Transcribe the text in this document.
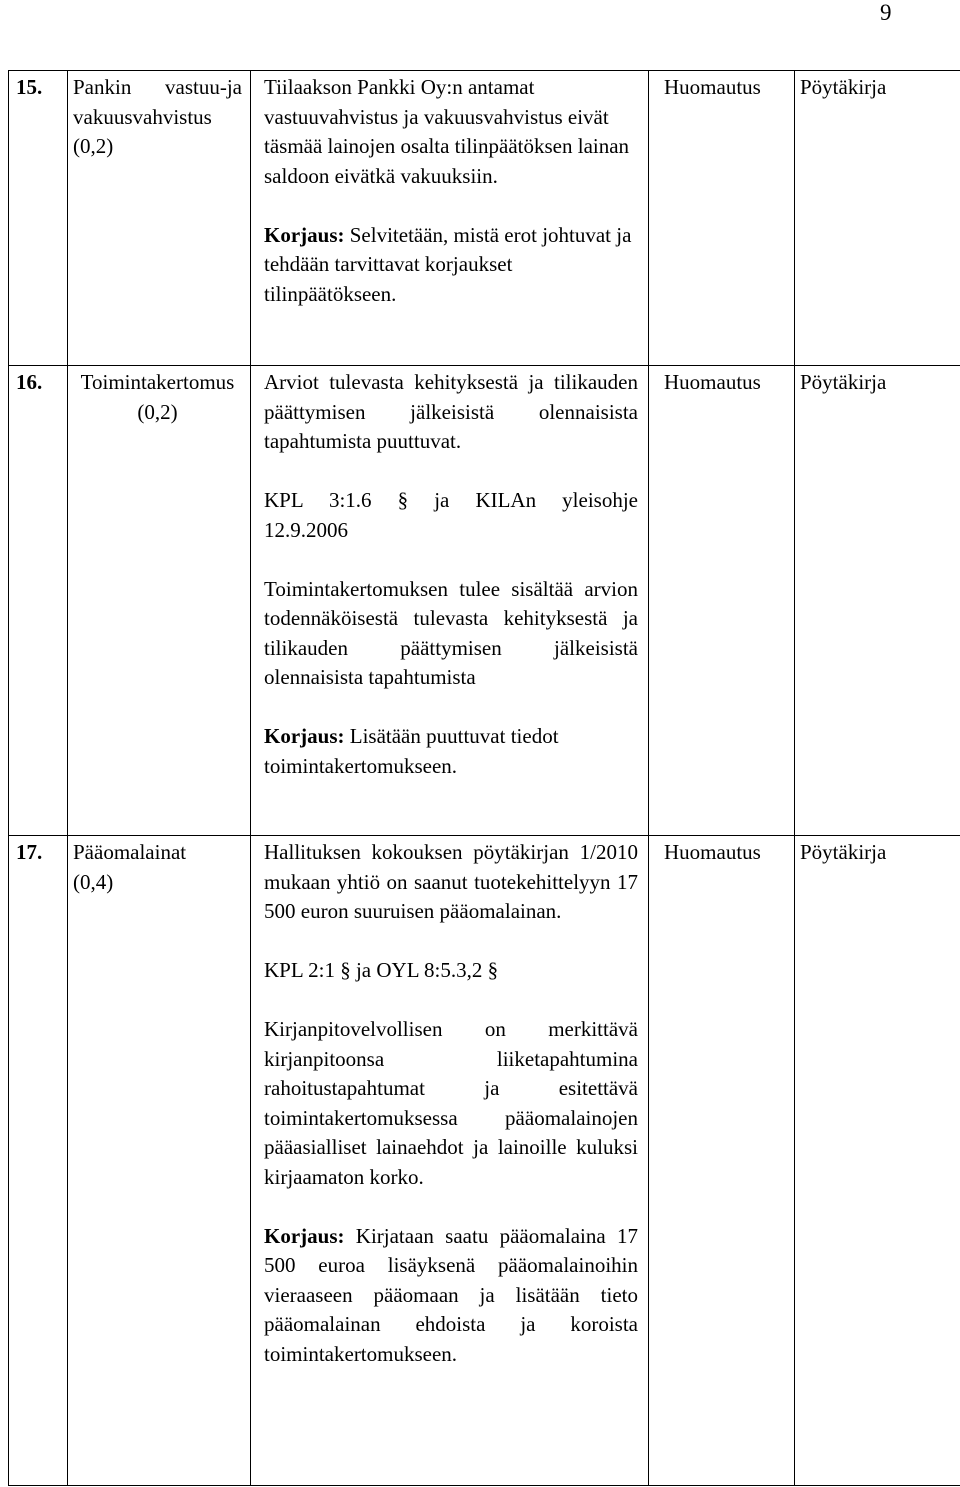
9
15.	Pankin vastuu-ja vakuusvahvistus (0,2)	Tiilaakson Pankki Oy:n antamat vastuuvahvistus ja vakuusvahvistus eivät täsmää lainojen osalta tilinpäätöksen lainan saldoon eivätkä vakuuksiin.

Korjaus: Selvitetään, mistä erot johtuvat ja tehdään tarvittavat korjaukset tilinpäätökseen.	Huomautus	Pöytäkirja
16.	Toimintakertomus (0,2)	Arviot tulevasta kehityksestä ja tilikauden päättymisen jälkeisistä olennaisista tapahtumista puuttuvat.

KPL 3:1.6 § ja KILAn yleisohje

12.9.2006

Toimintakertomuksen tulee sisältää arvion todennäköisestä tulevasta kehityksestä ja tilikauden päättymisen jälkeisistä olennaisista tapahtumista

Korjaus: Lisätään puuttuvat tiedot toimintakertomukseen.	Huomautus	Pöytäkirja
17.	Pääomalainat (0,4)	Hallituksen kokouksen pöytäkirjan 1/2010 mukaan yhtiö on saanut tuotekehittelyyn 17 500 euron suuruisen pääomalainan.

KPL 2:1 § ja OYL 8:5.3,2 §

Kirjanpitovelvollisen on merkittävä kirjanpitoonsa liiketapahtumina rahoitustapahtumat ja esitettävä toimintakertomuksessa pääomalainojen pääasialliset lainaehdot ja lainoille kuluksi kirjaamaton korko.

Korjaus: Kirjataan saatu pääomalaina 17 500 euroa lisäyksenä pääomalainoihin vieraaseen pääomaan ja lisätään tieto pääomalainan ehdoista ja koroista toimintakertomukseen.	Huomautus	Pöytäkirja
